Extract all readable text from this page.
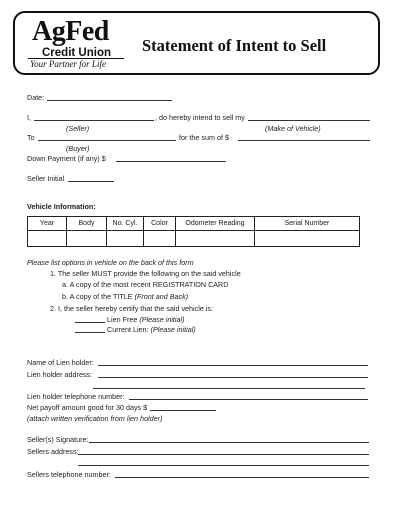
AgFed
Credit Union
Your Partner for Life
Statement of Intent to Sell
Date:
I,	, do hereby intend to sell my
(Seller)	(Make of Vehicle)
To	for the sum of $
(Buyer)
Down Payment (if any) $
Seller Initial
Vehicle Information:
Year	Body	No. Cyl.	Color	Odometer Reading	Serial Number

Please list options in vehicle on the back of this form
1. The seller MUST provide the following on the said vehicle
a. A copy of the most recent REGISTRATION CARD
b. A copy of the TITLE (Front and Back)
2. I, the seller hereby certify that the said vehicle is:
Lien Free (Please initial)
Current Lien: (Please initial)
Name of Lien holder:
Lien holder address:
Lien holder telephone number:
Net payoff amount good for 30 days $
(attach written verification from lien holder)
Seller(s) Signature:
Sellers address:
Sellers telephone number:
